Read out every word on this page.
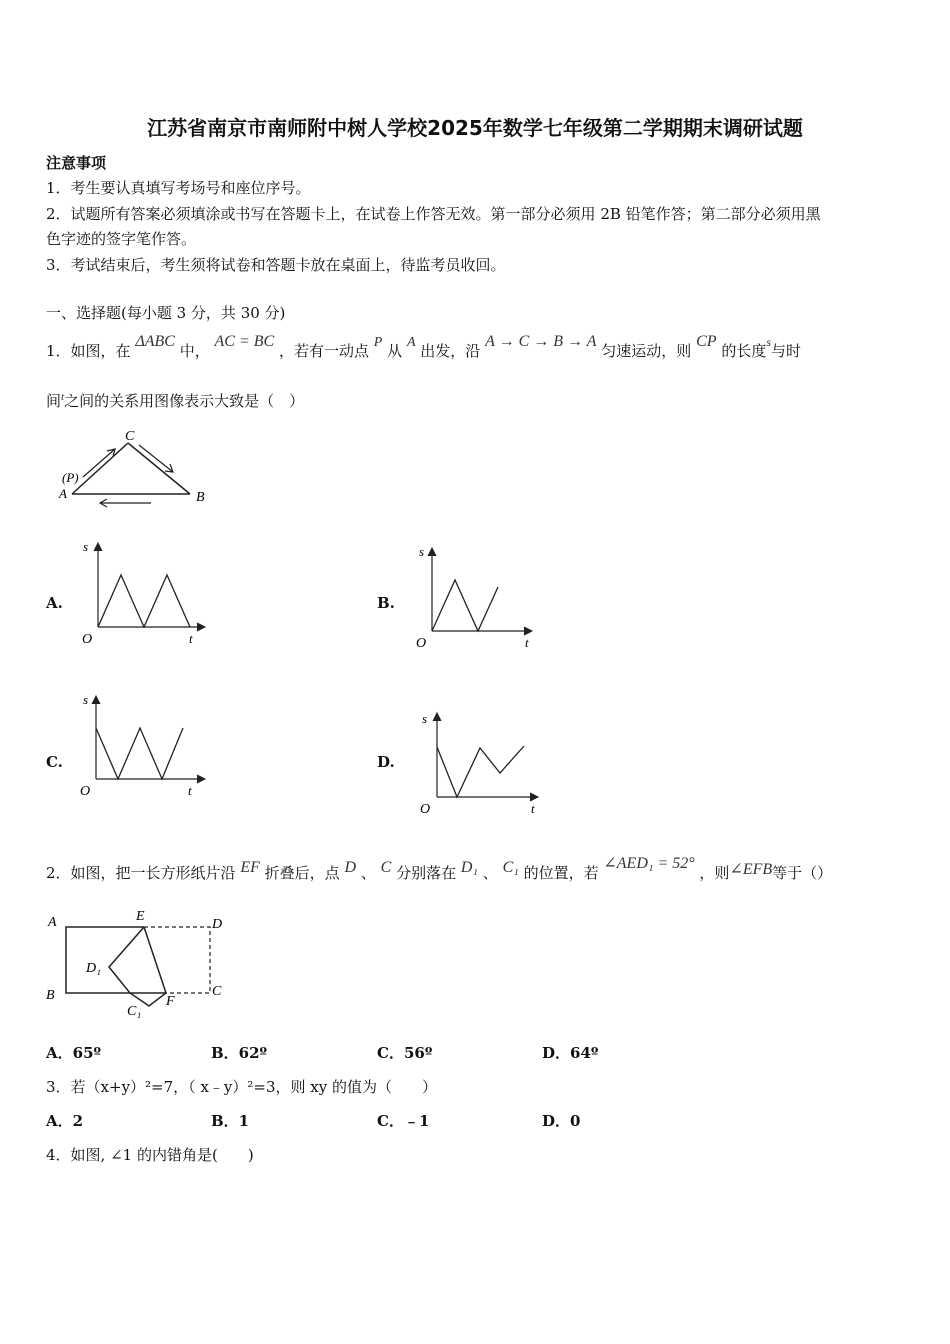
江苏省南京市南师附中树人学校2025年数学七年级第二学期期末调研试题
注意事项
1．考生要认真填写考场号和座位序号。
2．试题所有答案必须填涂或书写在答题卡上，在试卷上作答无效。第一部分必须用 2B 铅笔作答；第二部分必须用黑
色字迹的签字笔作答。
3．考试结束后，考生须将试卷和答题卡放在桌面上，待监考员收回。
一、选择题(每小题 3 分，共 30 分)
1．如图，在 ΔABC 中， AC = BC ，若有一动点 P 从 A 出发，沿 A → C → B → A 匀速运动，则 CP 的长度$^s$与时
间$^t$之间的关系用图像表示大致是（　）
C
(P)
A	B
A.
s
O	t
B.
s
O	t
C.
s
O	t
D.
s
O	t
2．如图，把一长方形纸片沿 EF 折叠后，点 D 、 C 分别落在 D₁ 、 C₁ 的位置，若 ∠AED₁ = 52° ，则∠EFB等于（）
A	E
D
D₁
B	C
C₁
F
A．65º	B．62º	C．56º	D．64º
3．若（x+y）²=7，（ x﹣y）²=3，则 xy 的值为（　　）
A．2	B．1	C．﹣1	D．0
4．如图, ∠1 的内错角是(　　)
